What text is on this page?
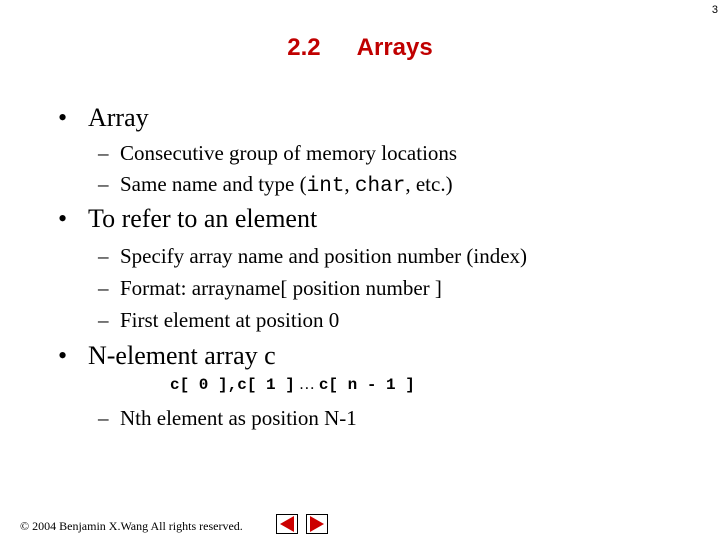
3
2.2 Arrays
• Array
– Consecutive group of memory locations
– Same name and type (int, char, etc.)
• To refer to an element
– Specify array name and position number (index)
– Format: arrayname[ position number ]
– First element at position 0
• N-element array c
c[ 0 ],c[ 1 ] … c[ n - 1 ]
– Nth element as position N-1
© 2004 Benjamin X.Wang All rights reserved.
